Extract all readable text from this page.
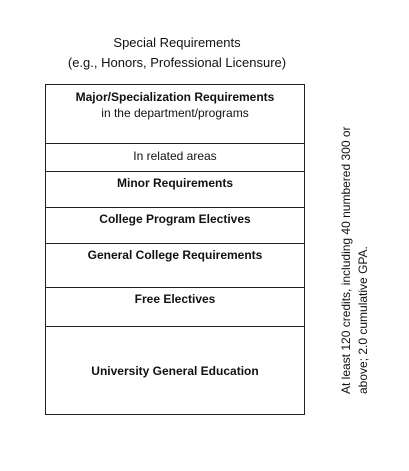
Special Requirements
(e.g., Honors, Professional Licensure)
Major/Specialization Requirements
in the department/programs
In related areas
Minor Requirements
College Program Electives
General College Requirements
Free Electives
University General Education	At least 120 credits, including 40 numbered 300 or above; 2.0 cumulative GPA.
